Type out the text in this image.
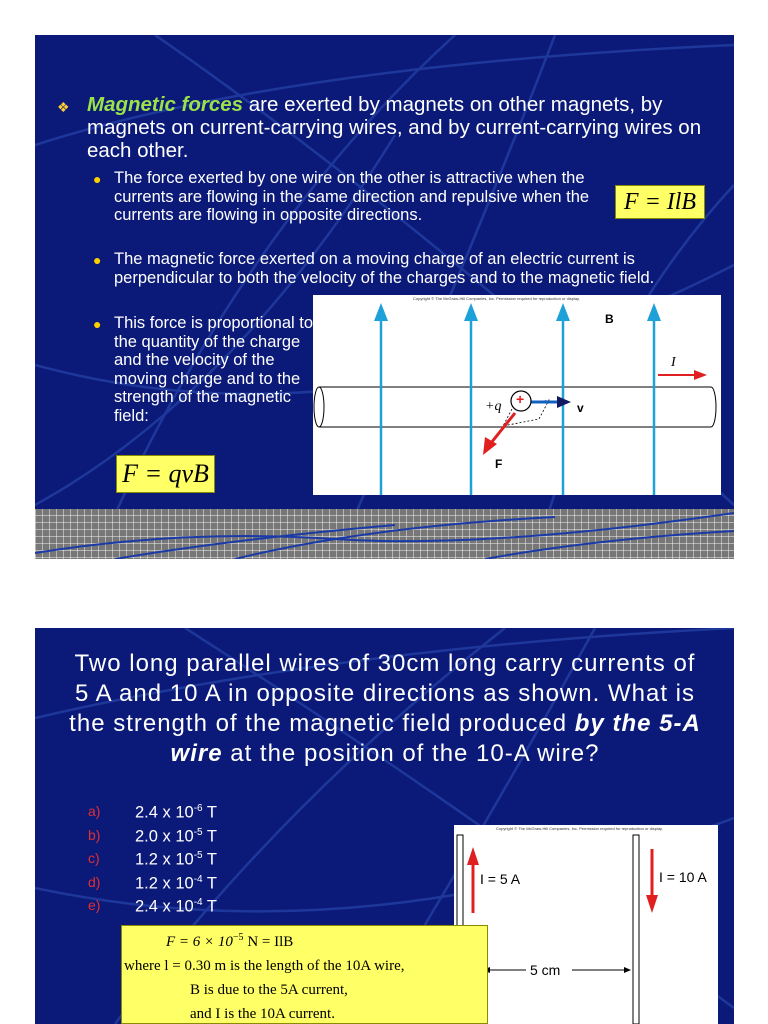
❖ Magnetic forces are exerted by magnets on other magnets, by magnets on current-carrying wires, and by current-carrying wires on each other.
● The force exerted by one wire on the other is attractive when the currents are flowing in the same direction and repulsive when the currents are flowing in opposite directions.	F = IlB
● The magnetic force exerted on a moving charge of an electric current is perpendicular to both the velocity of the charges and to the magnetic field.
● This force is proportional to the quantity of the charge and the velocity of the moving charge and to the strength of the magnetic field:
F = qvB
Copyright © The McGraw-Hill Companies, Inc. Permission required for reproduction or display.
B
I
+q +
v
F
Two long parallel wires of 30cm long carry currents of 5 A and 10 A in opposite directions as shown. What is the strength of the magnetic field produced by the 5-A wire at the position of the 10-A wire?
a) 2.4 x $10^{-6}$ T
b) 2.0 x $10^{-5}$ T
c) 1.2 x $10^{-5}$ T
d) 1.2 x $10^{-4}$ T
e) 2.4 x $10^{-4}$ T
Copyright © The McGraw-Hill Companies, Inc. Permission required for reproduction or display.
I = 5 A	I = 10 A
5 cm
$F = 6 \times 10^{-5}$ N = IlB
where l = 0.30 m is the length of the 10A wire,
B is due to the 5A current,
and I is the 10A current.
